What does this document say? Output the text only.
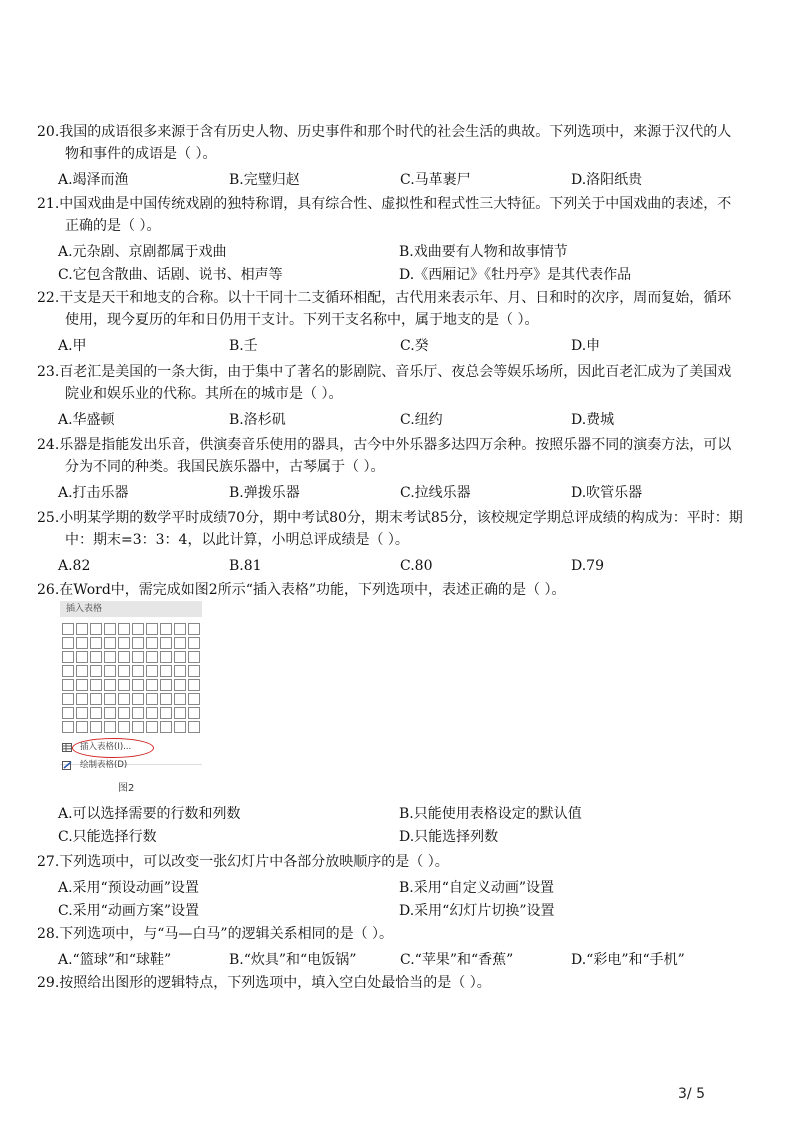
20.我国的成语很多来源于含有历史人物、历史事件和那个时代的社会生活的典故。下列选项中，来源于汉代的人物和事件的成语是（ ）。
A.竭泽而渔	B.完璧归赵	C.马革裹尸	D.洛阳纸贵
21.中国戏曲是中国传统戏剧的独特称谓，具有综合性、虚拟性和程式性三大特征。下列关于中国戏曲的表述，不正确的是（ ）。
A.元杂剧、京剧都属于戏曲	B.戏曲要有人物和故事情节
C.它包含散曲、话剧、说书、相声等	D.《西厢记》《牡丹亭》是其代表作品
22.干支是天干和地支的合称。以十干同十二支循环相配，古代用来表示年、月、日和时的次序，周而复始，循环使用，现今夏历的年和日仍用干支计。下列干支名称中，属于地支的是（ ）。
A.甲	B.壬	C.癸	D.申
23.百老汇是美国的一条大街，由于集中了著名的影剧院、音乐厅、夜总会等娱乐场所，因此百老汇成为了美国戏院业和娱乐业的代称。其所在的城市是（ ）。
A.华盛顿	B.洛杉矶	C.纽约	D.费城
24.乐器是指能发出乐音，供演奏音乐使用的器具，古今中外乐器多达四万余种。按照乐器不同的演奏方法，可以分为不同的种类。我国民族乐器中，古琴属于（ ）。
A.打击乐器	B.弹拨乐器	C.拉线乐器	D.吹管乐器
25.小明某学期的数学平时成绩70分，期中考试80分，期末考试85分，该校规定学期总评成绩的构成为：平时：期中：期末=3：3：4，以此计算，小明总评成绩是（ ）。
A.82	B.81	C.80	D.79
26.在Word中，需完成如图2所示“插入表格”功能，下列选项中，表述正确的是（ ）。
插入表格
插入表格(I)...
绘制表格(D)
图2
A.可以选择需要的行数和列数	B.只能使用表格设定的默认值
C.只能选择行数	D.只能选择列数
27.下列选项中，可以改变一张幻灯片中各部分放映顺序的是（ ）。
A.采用“预设动画”设置	B.采用“自定义动画”设置
C.采用“动画方案”设置	D.采用“幻灯片切换”设置
28.下列选项中，与“马—白马”的逻辑关系相同的是（ ）。
A.“篮球”和“球鞋”	B.“炊具”和“电饭锅”	C.“苹果”和“香蕉”	D.“彩电”和“手机”
29.按照给出图形的逻辑特点，下列选项中，填入空白处最恰当的是（ ）。
3/ 5
